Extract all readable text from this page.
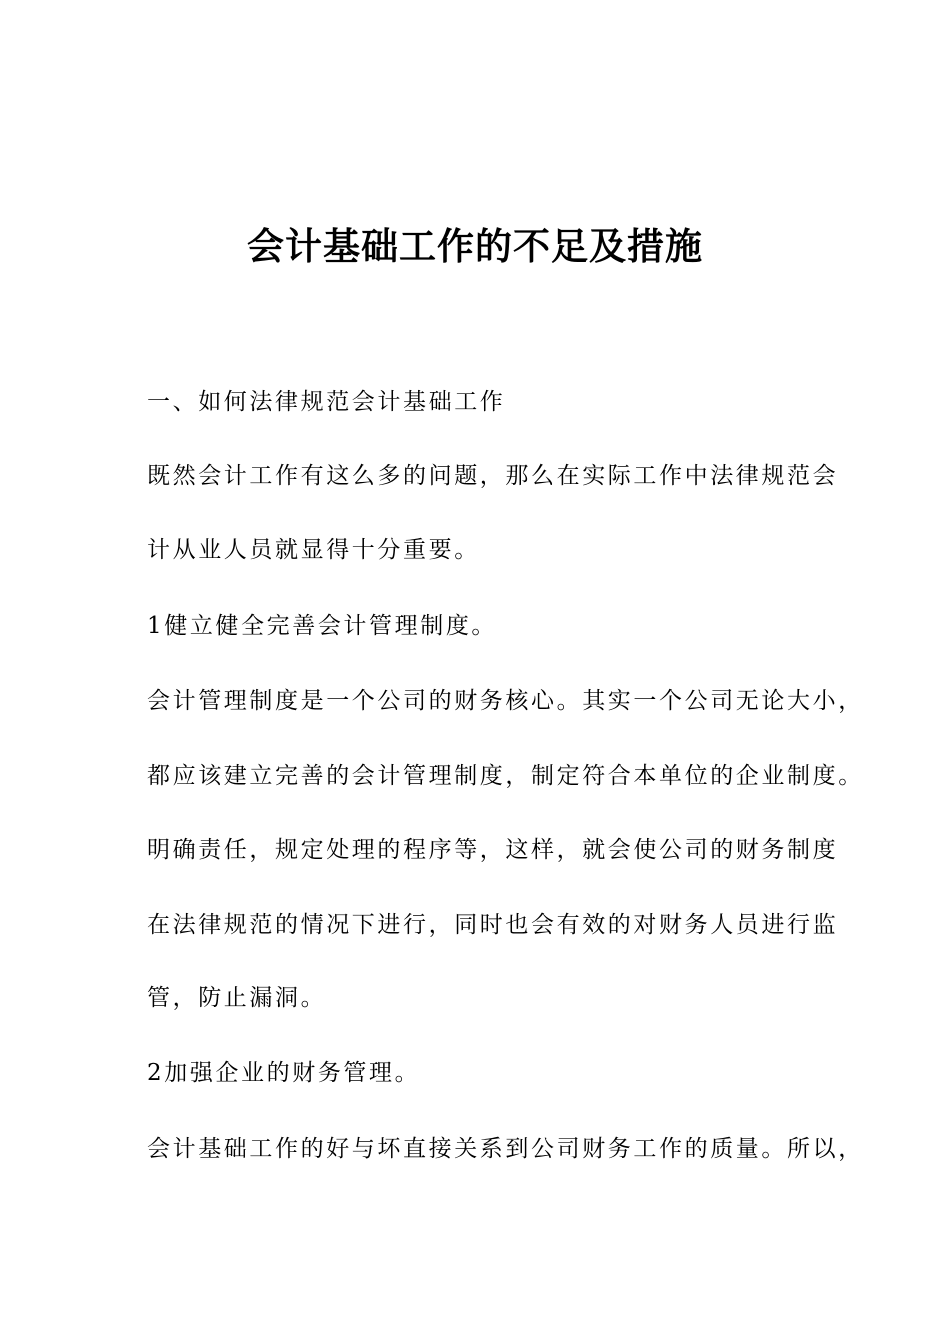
会计基础工作的不足及措施
一、如何法律规范会计基础工作
既然会计工作有这么多的问题，那么在实际工作中法律规范会
计从业人员就显得十分重要。
1健立健全完善会计管理制度。
会计管理制度是一个公司的财务核心。其实一个公司无论大小，
都应该建立完善的会计管理制度，制定符合本单位的企业制度。
明确责任，规定处理的程序等，这样，就会使公司的财务制度
在法律规范的情况下进行，同时也会有效的对财务人员进行监
管，防止漏洞。
2加强企业的财务管理。
会计基础工作的好与坏直接关系到公司财务工作的质量。所以，
